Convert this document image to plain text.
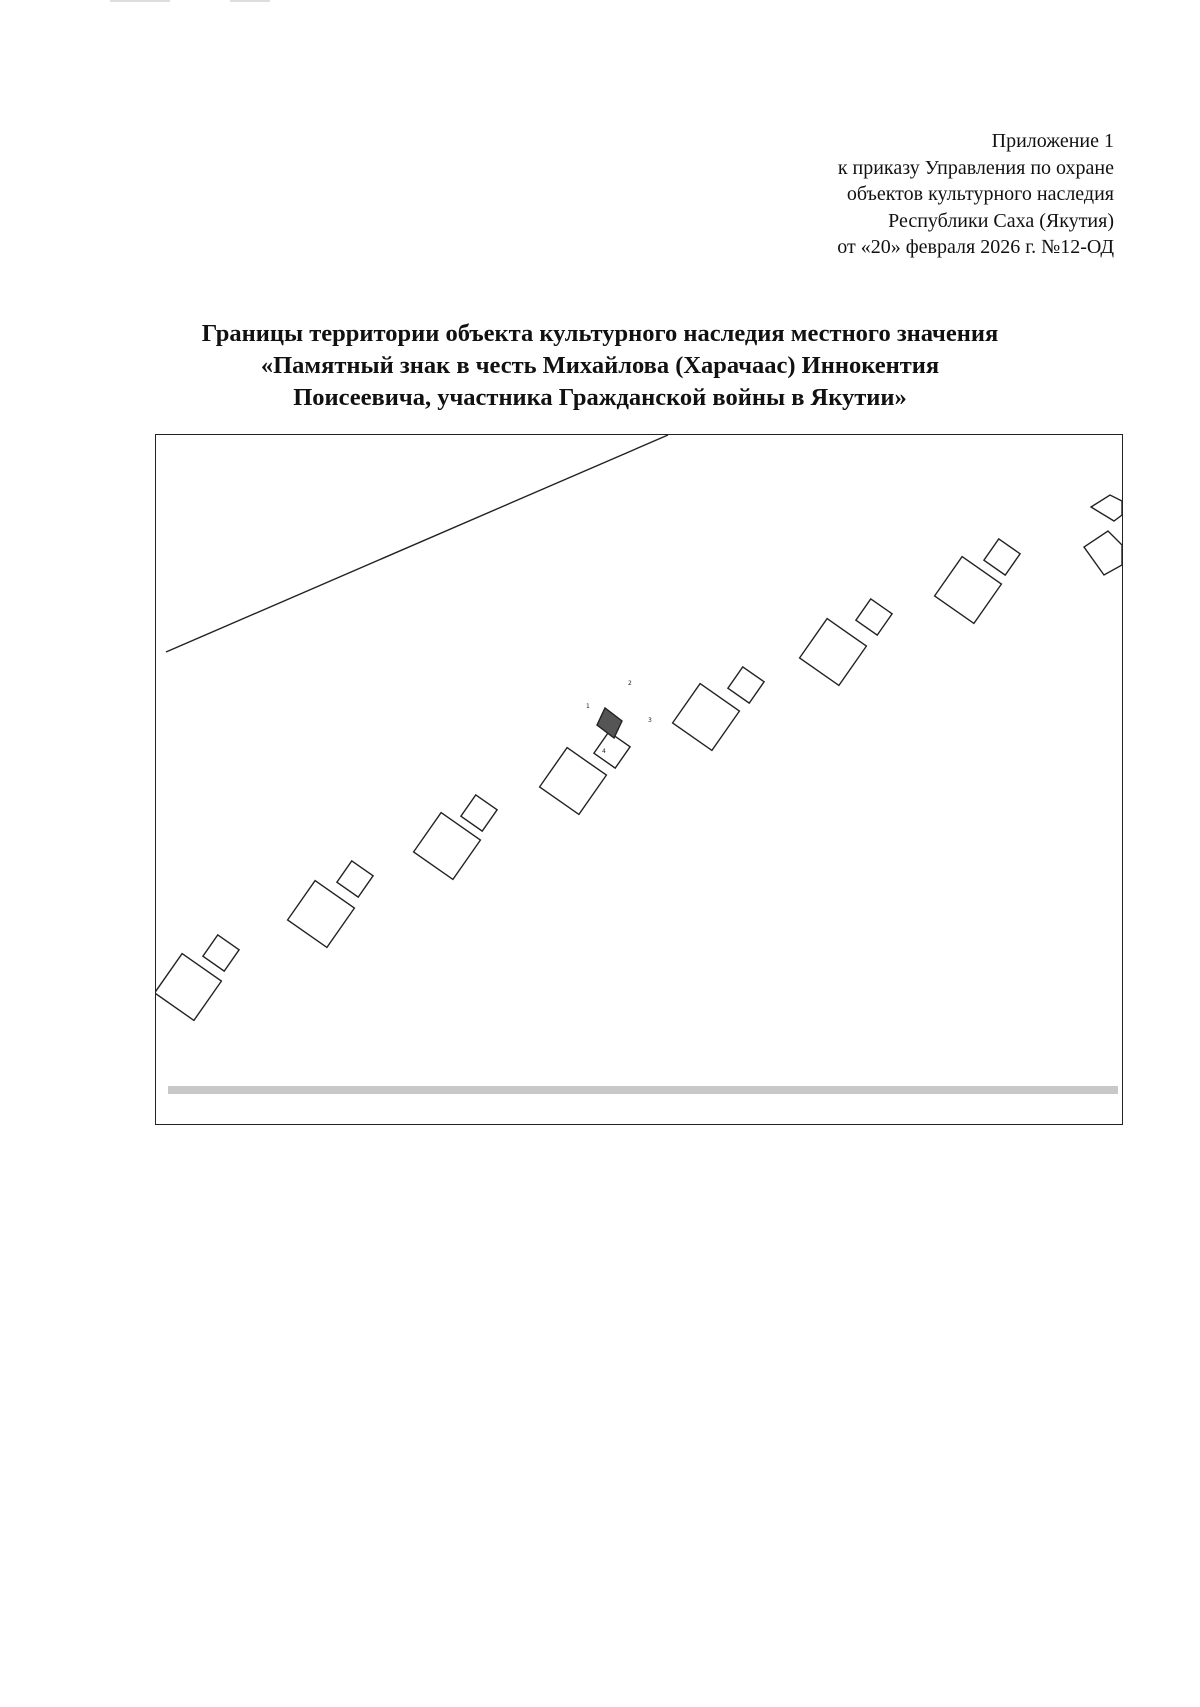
Приложение 1
к приказу Управления по охране
объектов культурного наследия
Республики Саха (Якутия)
от «20» февраля 2026 г. №12-ОД
Границы территории объекта культурного наследия местного значения
«Памятный знак в честь Михайлова (Харачаас) Иннокентия
Поисеевича, участника Гражданской войны в Якутии»
1
2
3
4
